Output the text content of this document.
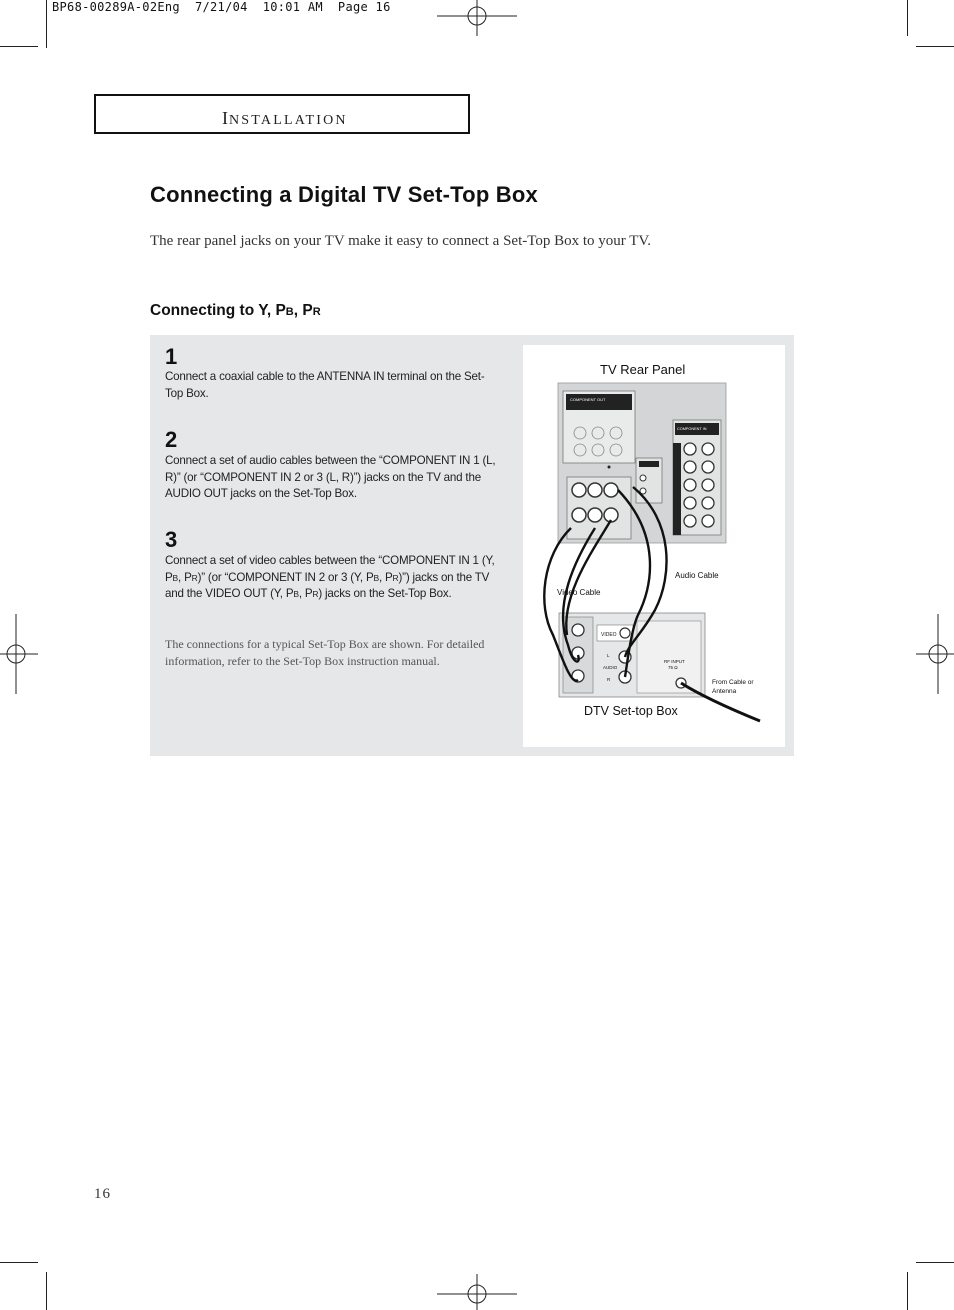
BP68-00289A-02Eng  7/21/04  10:01 AM  Page 16
INSTALLATION
Connecting a Digital TV Set-Top Box
The rear panel jacks on your TV make it easy to connect a Set-Top Box to your TV.
Connecting to Y, PB, PR
1
Connect a coaxial cable to the ANTENNA IN terminal on the Set-Top Box.
2
Connect a set of audio cables between the “COMPONENT IN 1 (L, R)” (or “COMPONENT IN 2 or 3 (L, R)”) jacks on the TV and the AUDIO OUT jacks on the Set-Top Box.
3
Connect a set of video cables between the “COMPONENT IN 1 (Y, PB, PR)” (or “COMPONENT IN 2 or 3 (Y, PB, PR)”) jacks on the TV and the VIDEO OUT (Y, PB, PR) jacks on the Set-Top Box.
The connections for a typical Set-Top Box are shown. For detailed information, refer to the Set-Top Box instruction manual.
TV Rear Panel
COMPONENT OUT
COMPONENT IN
Audio Cable
Video Cable
VIDEO
L
AUDIO
R
RF INPUT
75 Ω
From Cable or
Antenna
DTV Set-top Box
16
